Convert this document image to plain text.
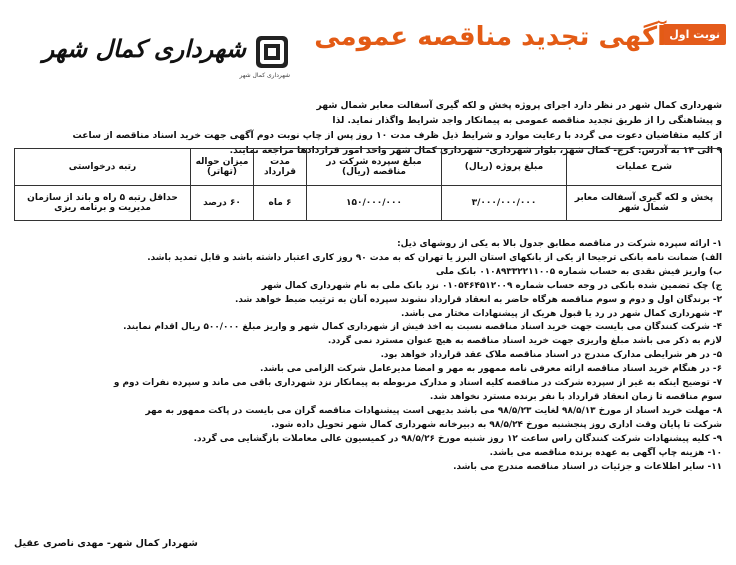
نوبت اول
آگهی تجدید مناقصه عمومی
شهرداری کمال شهر
شهرداری کمال شهر

شهرداری کمال شهر در نظر دارد اجرای پروژه پخش و لکه گیری آسفالت معابر شمال شهر

و پیشاهنگی را از طریق تجدید مناقصه عمومی به پیمانکار واجد شرایط واگذار نماید. لذا

از کلیه متقاضیان دعوت می گردد با رعایت موارد و شرایط ذیل ظرف مدت ۱۰ روز پس از چاپ نوبت دوم آگهی جهت خرید اسناد مناقصه از ساعت

۹ الی ۱۴ به آدرس: کرج- کمال شهر، بلوار شهرداری- شهرداری کمال شهر واحد امور قراردادها مراجعه نمایند.

شرح عملیات	مبلغ پروژه (ریال)	مبلغ سپرده شرکت در مناقصه (ریال)	مدت قرارداد	میزان حواله (تهاتر)	رتبه درخواستی
پخش و لکه گیری آسفالت معابر شمال شهر	۳/۰۰۰/۰۰۰/۰۰۰	۱۵۰/۰۰۰/۰۰۰	۶ ماه	۶۰ درصد	حداقل رتبه ۵ راه و باند از سازمان مدیریت و برنامه ریزی

۱- ارائه سپرده شرکت در مناقصه مطابق جدول بالا به یکی از روشهای ذیل:

الف) ضمانت نامه بانکی ترجیحا از یکی از بانکهای استان البرز یا تهران که به مدت ۹۰ روز کاری اعتبار داشته باشد و قابل تمدید باشد.

ب) واریز فیش نقدی به حساب شماره ۰۱۰۸۹۳۳۲۲۱۱۰۰۵ بانک ملی

ج) چک تضمین شده بانکی در وجه حساب شماره ۰۱۰۵۴۶۴۵۱۲۰۰۹ نزد بانک ملی به نام شهرداری کمال شهر

۲- برندگان اول و دوم و سوم مناقصه هرگاه حاضر به انعقاد قرارداد نشوند سپرده آنان به ترتیب ضبط خواهد شد.

۳- شهرداری کمال شهر در رد یا قبول هریک از پیشنهادات مختار می باشد.

۴- شرکت کنندگان می بایست جهت خرید اسناد مناقصه نسبت به اخذ فیش از شهرداری کمال شهر و واریز مبلغ ۵۰۰/۰۰۰ ریال اقدام نمایند.

لازم به ذکر می باشد مبلغ واریزی جهت خرید اسناد مناقصه به هیچ عنوان مسترد نمی گردد.

۵- در هر شرایطی مدارک مندرج در اسناد مناقصه ملاک عقد قرارداد خواهد بود.

۶- در هنگام خرید اسناد مناقصه ارائه معرفی نامه ممهور به مهر و امضا مدیرعامل شرکت الزامی می باشد.

۷- توضیح اینکه به غیر از سپرده شرکت در مناقصه کلیه اسناد و مدارک مربوطه به پیمانکار نزد شهرداری باقی می ماند و سپرده نفرات دوم و

سوم مناقصه تا زمان انعقاد قرارداد با نفر برنده مسترد نخواهد شد.

۸- مهلت خرید اسناد از مورخ ۹۸/۵/۱۳ لغایت ۹۸/۵/۲۳ می باشد بدیهی است پیشنهادات مناقصه گران می بایست در پاکت ممهور به مهر

شرکت تا پایان وقت اداری روز پنجشنبه مورخ ۹۸/۵/۲۴ به دبیرخانه شهرداری کمال شهر تحویل داده شود.

۹- کلیه پیشنهادات شرکت کنندگان راس ساعت ۱۲ روز شنبه مورخ ۹۸/۵/۲۶ در کمیسیون عالی معاملات بازگشایی می گردد.

۱۰- هزینه چاپ آگهی به عهده برنده مناقصه می باشد.

۱۱- سایر اطلاعات و جزئیات در اسناد مناقصه مندرج می باشد.

شهردار کمال شهر- مهدی ناصری عقیل
